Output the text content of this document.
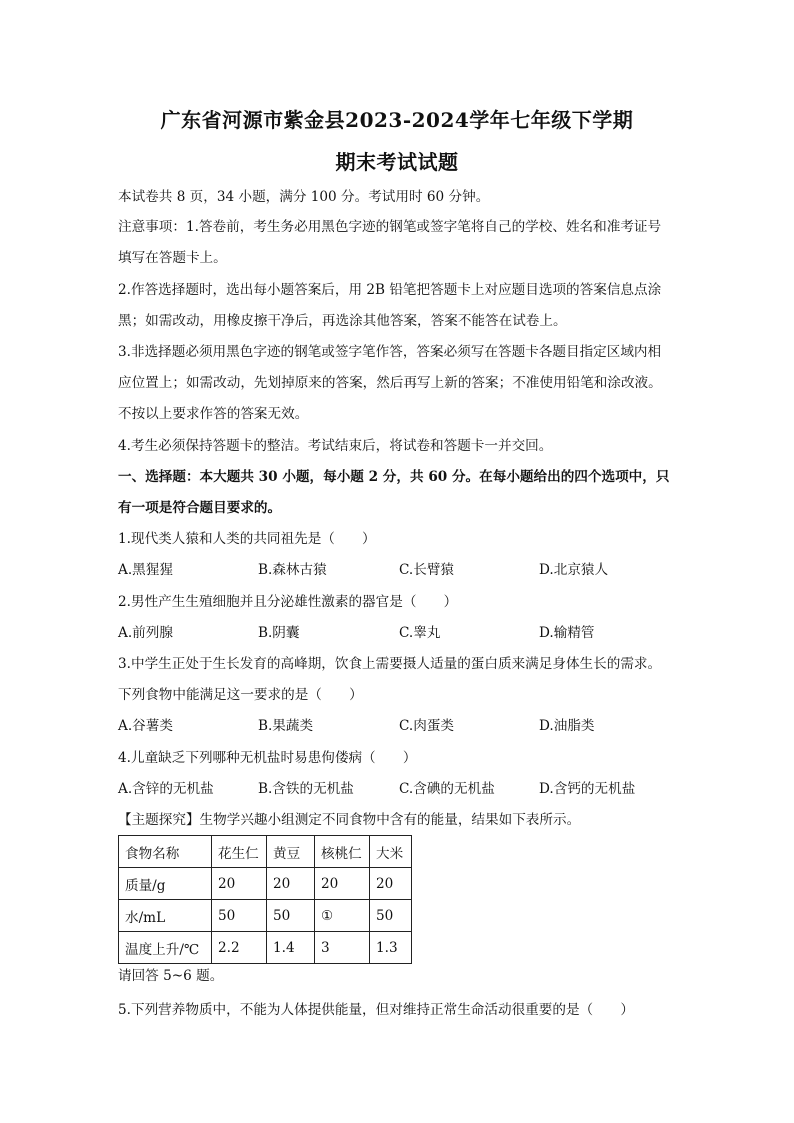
广东省河源市紫金县2023-2024学年七年级下学期
期末考试试题
本试卷共 8 页，34 小题，满分 100 分。考试用时 60 分钟。
注意事项：1.答卷前，考生务必用黑色字迹的钢笔或签字笔将自己的学校、姓名和准考证号
填写在答题卡上。
2.作答选择题时，选出每小题答案后，用 2B 铅笔把答题卡上对应题目选项的答案信息点涂
黑；如需改动，用橡皮擦干净后，再选涂其他答案，答案不能答在试卷上。
3.非选择题必须用黑色字迹的钢笔或签字笔作答，答案必须写在答题卡各题目指定区域内相
应位置上；如需改动，先划掉原来的答案，然后再写上新的答案；不准使用铅笔和涂改液。
不按以上要求作答的答案无效。
4.考生必须保持答题卡的整洁。考试结束后，将试卷和答题卡一并交回。
一、选择题：本大题共 30 小题，每小题 2 分，共 60 分。在每小题给出的四个选项中，只
有一项是符合题目要求的。
1.现代类人猿和人类的共同祖先是（　　）
A.黑猩猩	B.森林古猿	C.长臂猿	D.北京猿人
2.男性产生生殖细胞并且分泌雄性激素的器官是（　　）
A.前列腺	B.阴囊	C.睾丸	D.输精管
3.中学生正处于生长发育的高峰期，饮食上需要摄人适量的蛋白质来满足身体生长的需求。
下列食物中能满足这一要求的是（　　）
A.谷薯类	B.果蔬类	C.肉蛋类	D.油脂类
4.儿童缺乏下列哪种无机盐时易患佝偻病（　　）
A.含锌的无机盐	B.含铁的无机盐	C.含碘的无机盐	D.含钙的无机盐
【主题探究】生物学兴趣小组测定不同食物中含有的能量，结果如下表所示。
食物名称	花生仁	黄豆	核桃仁	大米
质量/g	20	20	20	20
水/mL	50	50	①	50
温度上升/℃	2.2	1.4	3	1.3
请回答 5~6 题。
5.下列营养物质中，不能为人体提供能量，但对维持正常生命活动很重要的是（　　）
